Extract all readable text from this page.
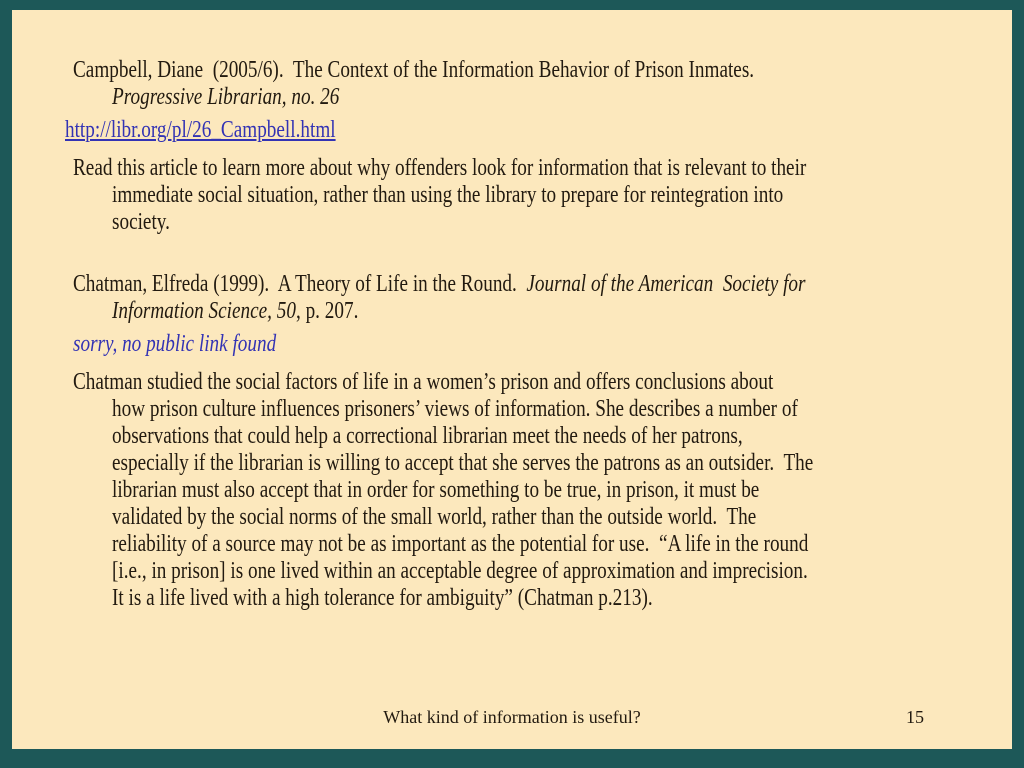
Campbell, Diane  (2005/6).  The Context of the Information Behavior of Prison Inmates.
Progressive Librarian, no. 26
http://libr.org/pl/26_Campbell.html
Read this article to learn more about why offenders look for information that is relevant to their
immediate social situation, rather than using the library to prepare for reintegration into
society.
Chatman, Elfreda (1999).  A Theory of Life in the Round.  Journal of the American  Society for
Information Science, 50, p. 207.
sorry, no public link found
Chatman studied the social factors of life in a women’s prison and offers conclusions about
how prison culture influences prisoners’ views of information. She describes a number of
observations that could help a correctional librarian meet the needs of her patrons,
especially if the librarian is willing to accept that she serves the patrons as an outsider.  The
librarian must also accept that in order for something to be true, in prison, it must be
validated by the social norms of the small world, rather than the outside world.  The
reliability of a source may not be as important as the potential for use.  “A life in the round
[i.e., in prison] is one lived within an acceptable degree of approximation and imprecision.
It is a life lived with a high tolerance for ambiguity” (Chatman p.213).
What kind of information is useful?	15
